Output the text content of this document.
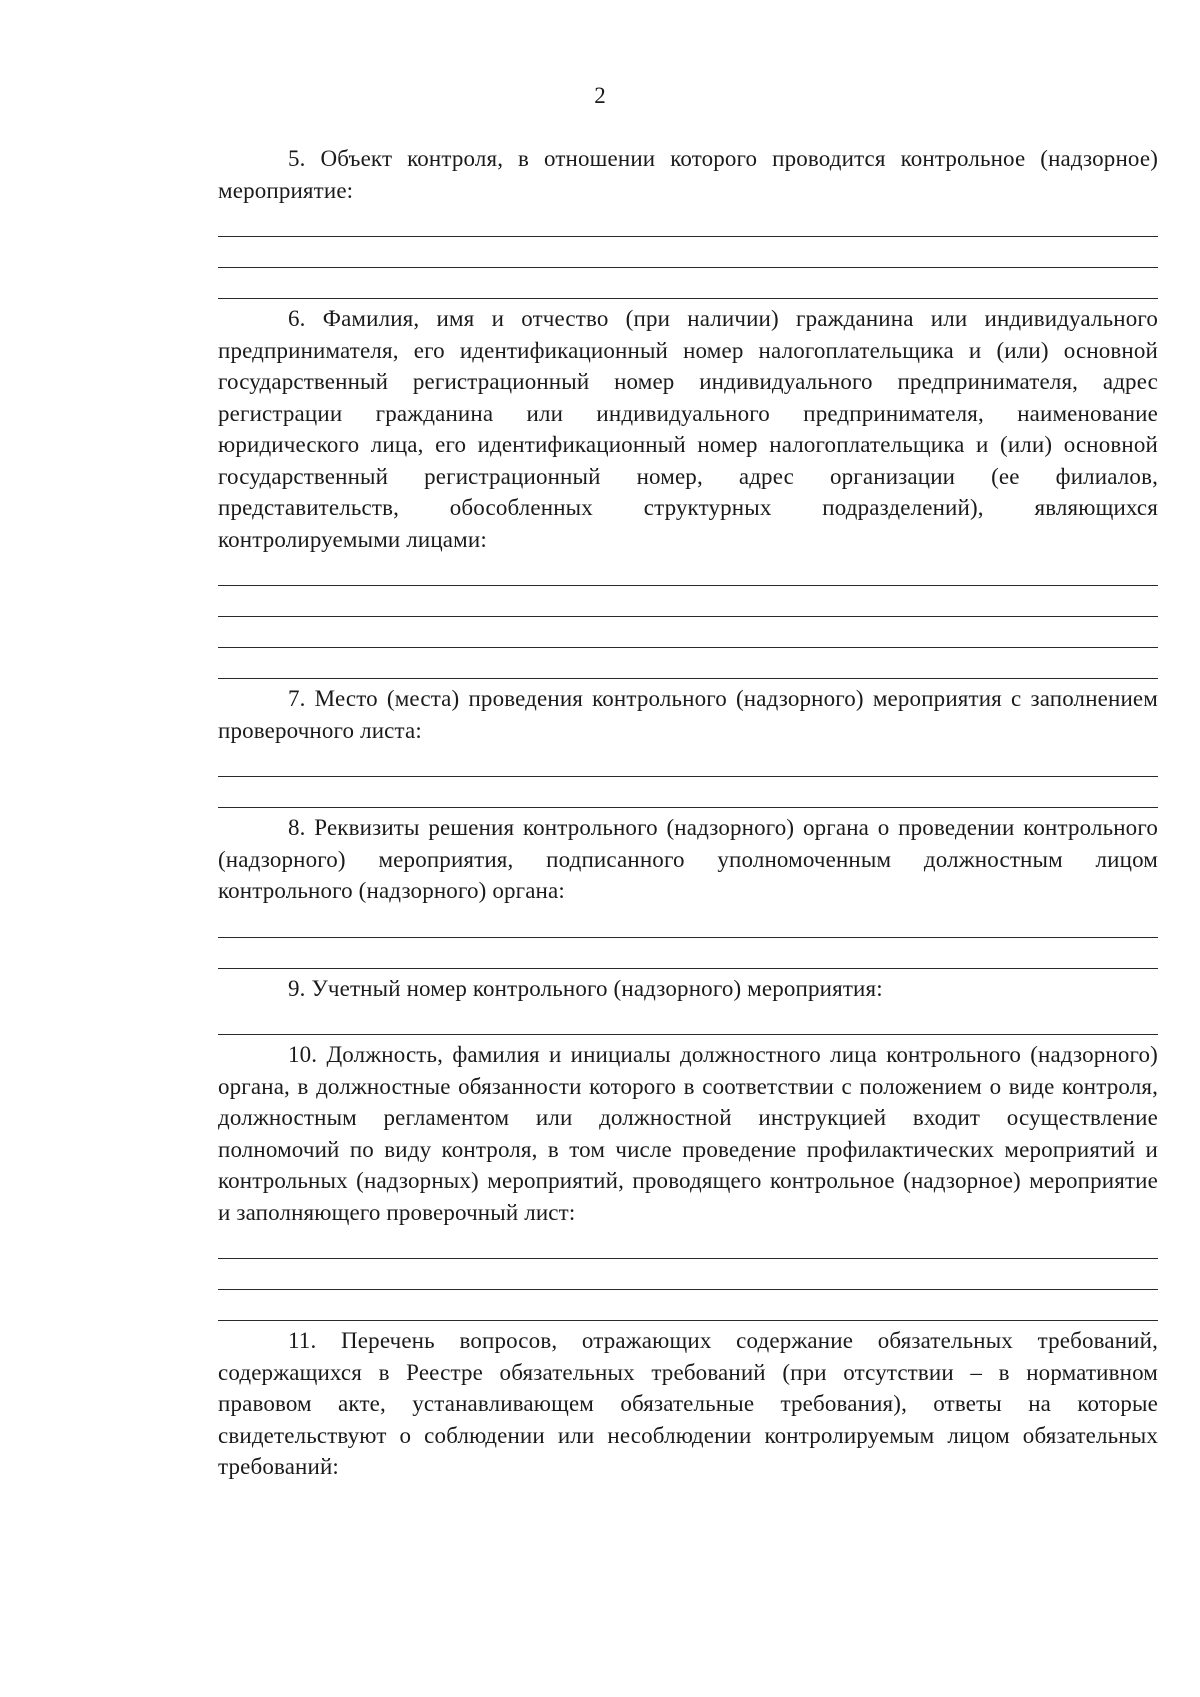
2

5. Объект контроля, в отношении которого проводится контрольное (надзорное) мероприятие:

6. Фамилия, имя и отчество (при наличии) гражданина или индивидуального предпринимателя, его идентификационный номер налогоплательщика и (или) основной государственный регистрационный номер индивидуального предпринимателя, адрес регистрации гражданина или индивидуального предпринимателя, наименование юридического лица, его идентификационный номер налогоплательщика и (или) основной государственный регистрационный номер, адрес организации (ее филиалов, представительств, обособленных структурных подразделений), являющихся контролируемыми лицами:

7. Место (места) проведения контрольного (надзорного) мероприятия с заполнением проверочного листа:

8. Реквизиты решения контрольного (надзорного) органа о проведении контрольного (надзорного) мероприятия, подписанного уполномоченным должностным лицом контрольного (надзорного) органа:

9. Учетный номер контрольного (надзорного) мероприятия:

10. Должность, фамилия и инициалы должностного лица контрольного (надзорного) органа, в должностные обязанности которого в соответствии с положением о виде контроля, должностным регламентом или должностной инструкцией входит осуществление полномочий по виду контроля, в том числе проведение профилактических мероприятий и контрольных (надзорных) мероприятий, проводящего контрольное (надзорное) мероприятие и заполняющего проверочный лист:

11. Перечень вопросов, отражающих содержание обязательных требований, содержащихся в Реестре обязательных требований (при отсутствии – в нормативном правовом акте, устанавливающем обязательные требования), ответы на которые свидетельствуют о соблюдении или несоблюдении контролируемым лицом обязательных требований:
